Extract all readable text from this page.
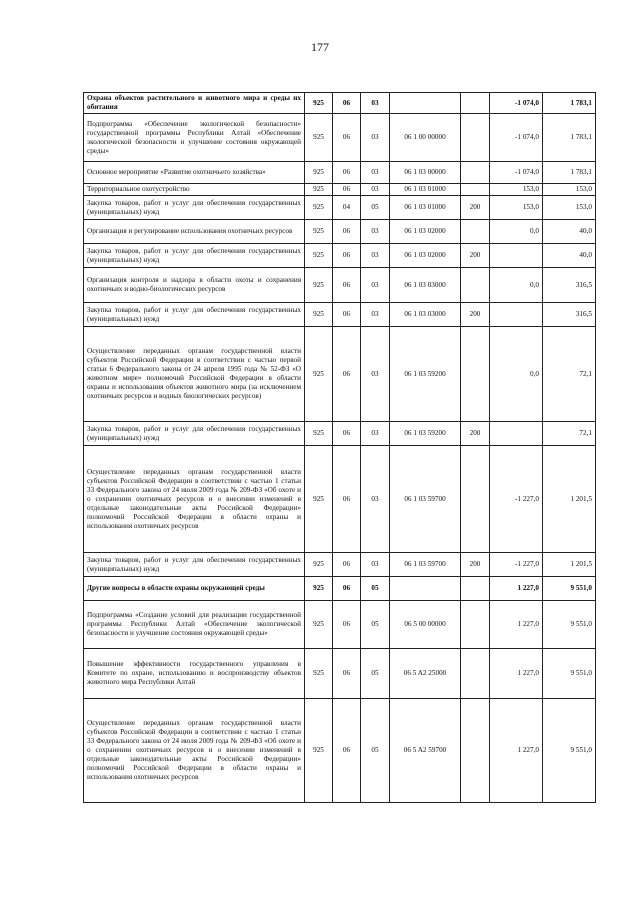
177
Охрана объектов растительного и животного мира и среды их обитания	925	06	03			-1 074,0	1 783,1
Подпрограмма «Обеспечение экологической безопасности» государственной программы Республики Алтай «Обеспечение экологической безопасности и улучшение состояния окружающей среды»	925	06	03	06 1 00 00000		-1 074,0	1 783,1
Основное мероприятие «Развитие охотничьего хозяйства»	925	06	03	06 1 03 00000		-1 074,0	1 783,1
Территориальное охотустройство	925	06	03	06 1 03 01000		153,0	153,0
Закупка товаров, работ и услуг для обеспечения государственных (муниципальных) нужд	925	04	05	06 1 03 01000	200	153,0	153,0
Организация и регулирование использования охотничьих ресурсов	925	06	03	06 1 03 02000		0,0	40,0
Закупка товаров, работ и услуг для обеспечения государственных (муниципальных) нужд	925	06	03	06 1 03 02000	200		40,0
Организация контроля и надзора в области охоты и сохранения охотничьих и водно-биологических ресурсов	925	06	03	06 1 03 03000		0,0	316,5
Закупка товаров, работ и услуг для обеспечения государственных (муниципальных) нужд	925	06	03	06 1 03 03000	200		316,5
Осуществление переданных органам государственной власти субъектов Российской Федерации в соответствии с частью первой статьи 6 Федерального закона от 24 апреля 1995 года № 52-ФЗ «О животном мире» полномочий Российской Федерации в области охраны и использования объектов животного мира (за исключением охотничьих ресурсов и водных биологических ресурсов)	925	06	03	06 1 03 59200		0,0	72,1
Закупка товаров, работ и услуг для обеспечения государственных (муниципальных) нужд	925	06	03	06 1 03 59200	200		72,1
Осуществление переданных органам государственной власти субъектов Российской Федерации в соответствии с частью 1 статьи 33 Федерального закона от 24 июля 2009 года № 209-ФЗ «Об охоте и о сохранении охотничьих ресурсов и о внесении изменений в отдельные законодательные акты Российской Федерации» полномочий Российской Федерации в области охраны и использования охотничьих ресурсов	925	06	03	06 1 03 59700		-1 227,0	1 201,5
Закупка товаров, работ и услуг для обеспечения государственных (муниципальных) нужд	925	06	03	06 1 03 59700	200	-1 227,0	1 201,5
Другие вопросы в области охраны окружающей среды	925	06	05			1 227,0	9 551,0
Подпрограмма «Создание условий для реализации государственной программы Республики Алтай «Обеспечение экологической безопасности и улучшение состояния окружающей среды»	925	06	05	06 5 00 00000		1 227,0	9 551,0
Повышение эффективности государственного управления в Комитете по охране, использованию и воспроизводству объектов животного мира Республики Алтай	925	06	05	06 5 A2 25000		1 227,0	9 551,0
Осуществление переданных органам государственной власти субъектов Российской Федерации в соответствии с частью 1 статьи 33 Федерального закона от 24 июля 2009 года № 209-ФЗ «Об охоте и о сохранении охотничьих ресурсов и о внесении изменений в отдельные законодательные акты Российской Федерации» полномочий Российской Федерации в области охраны и использования охотничьих ресурсов	925	06	05	06 5 A2 59700		1 227,0	9 551,0
